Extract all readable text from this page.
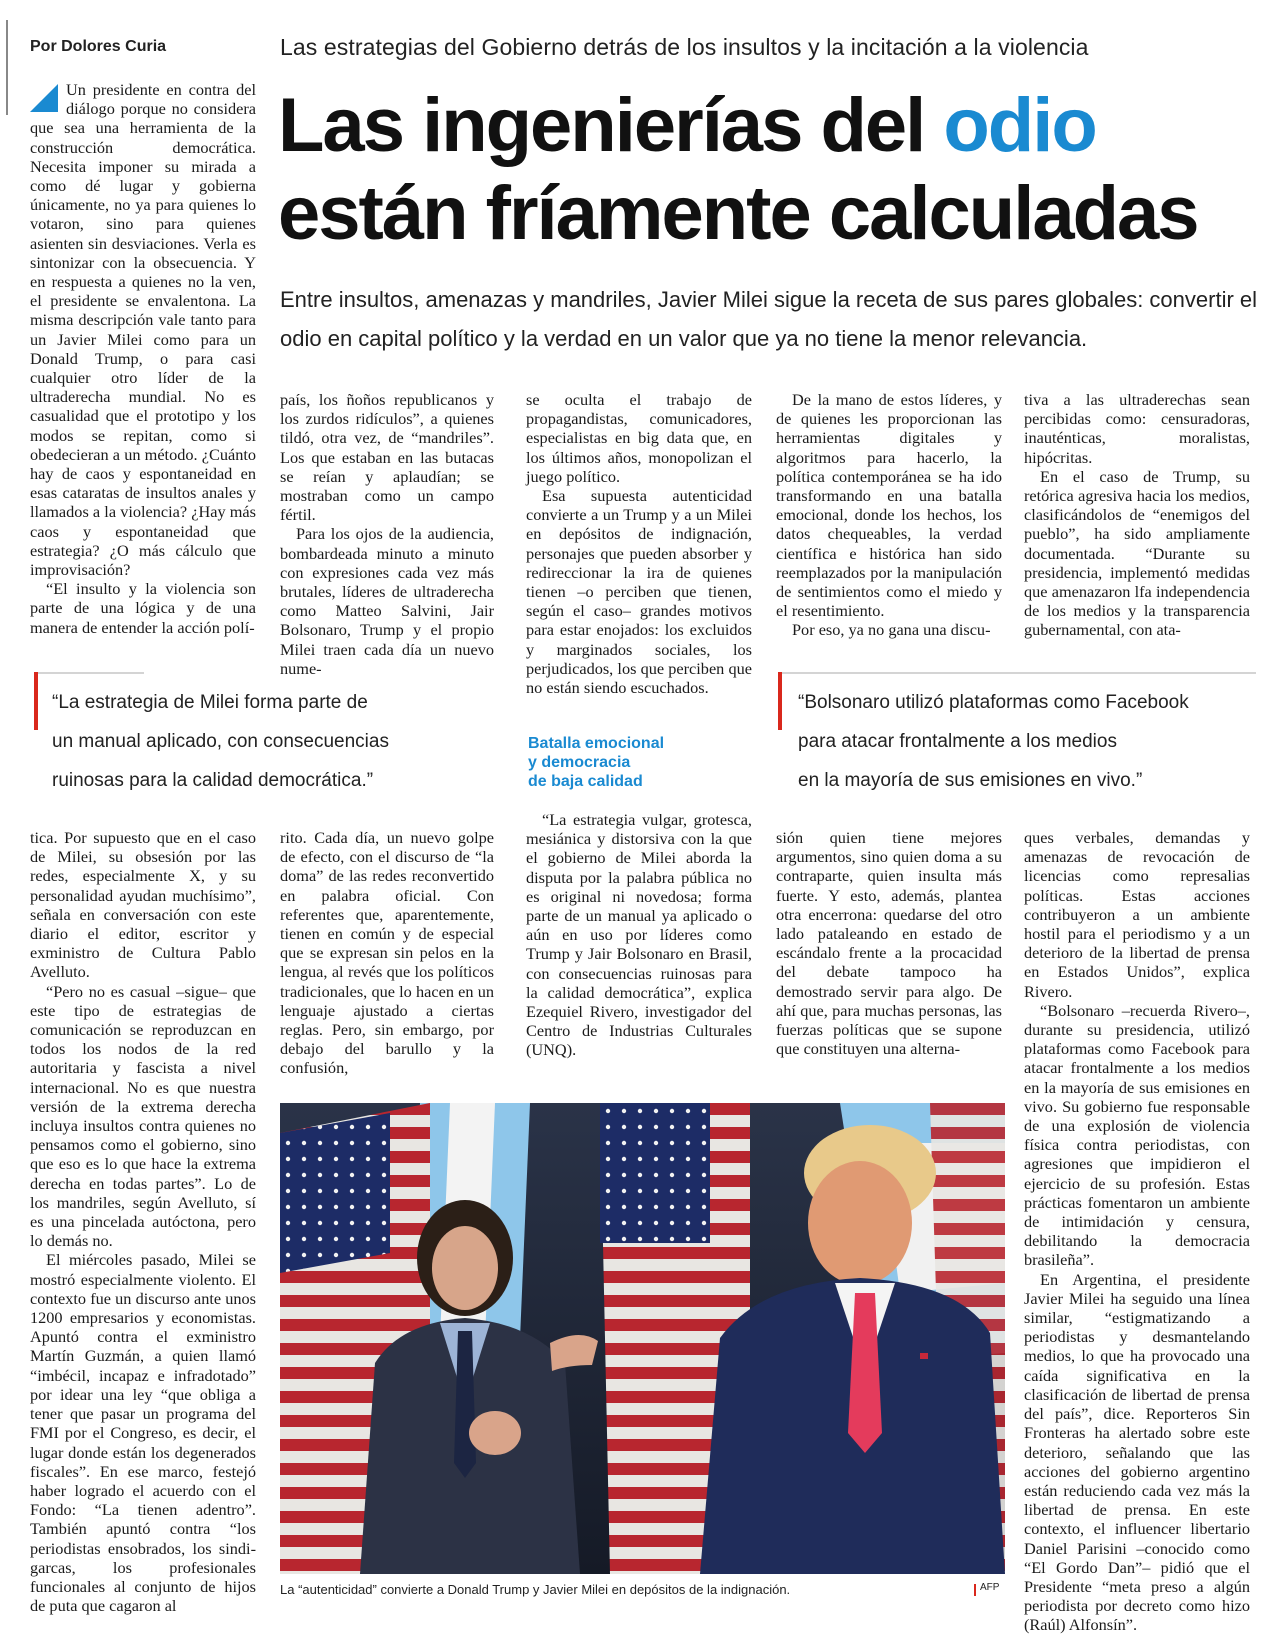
Por Dolores Curia	Las estrategias del Gobierno detrás de los insultos y la incitación a la violencia
Las ingenierías del odio
están fríamente calculadas
Entre insultos, amenazas y mandriles, Javier Milei sigue la receta de sus pares globales: convertir el odio en capital político y la verdad en un valor que ya no tiene la menor relevancia.

Un presidente en contra del diálogo porque no considera que sea una herramienta de la construcción democrática. Necesita imponer su mirada a como dé lugar y gobierna únicamente, no ya para quienes lo votaron, sino para quienes asienten sin desviaciones. Verla es sintonizar con la obsecuencia. Y en respuesta a quienes no la ven, el presidente se envalentona. La misma descripción vale tanto para un Javier Milei como para un Donald Trump, o para casi cualquier otro líder de la ultraderecha mundial. No es casualidad que el prototipo y los modos se repitan, como si obedecieran a un método. ¿Cuánto hay de caos y espontaneidad en esas cataratas de insultos anales y llamados a la violencia? ¿Hay más caos y espontaneidad que estrategia? ¿O más cálculo que improvisación?

“El insulto y la violencia son parte de una lógica y de una manera de entender la acción polí-

país, los ñoños republicanos y los zurdos ridículos”, a quienes tildó, otra vez, de “mandriles”. Los que estaban en las butacas se reían y aplaudían; se mostraban como un campo fértil.

Para los ojos de la audiencia, bombardeada minuto a minuto con expresiones cada vez más brutales, líderes de ultraderecha como Matteo Salvini, Jair Bolsonaro, Trump y el propio Milei traen cada día un nuevo nume-

se oculta el trabajo de propagandistas, comunicadores, especialistas en big data que, en los últimos años, monopolizan el juego político.

Esa supuesta autenticidad convierte a un Trump y a un Milei en depósitos de indignación, personajes que pueden absorber y redireccionar la ira de quienes tienen –o perciben que tienen, según el caso– grandes motivos para estar enojados: los excluidos y marginados sociales, los perjudicados, los que perciben que no están siendo escuchados.

De la mano de estos líderes, y de quienes les proporcionan las herramientas digitales y algoritmos para hacerlo, la política contemporánea se ha ido transformando en una batalla emocional, donde los hechos, los datos chequeables, la verdad científica e histórica han sido reemplazados por la manipulación de sentimientos como el miedo y el resentimiento.

Por eso, ya no gana una discu-

tiva a las ultraderechas sean percibidas como: censuradoras, inauténticas, moralistas, hipócritas.

En el caso de Trump, su retórica agresiva hacia los medios, clasificándolos de “enemigos del pueblo”, ha sido ampliamente documentada. “Durante su presidencia, implementó medidas que amenazaron lfa independencia de los medios y la transparencia gubernamental, con ata-

“La estrategia de Milei forma parte de
un manual aplicado, con consecuencias
ruinosas para la calidad democrática.”
Batalla emocional
y democracia
de baja calidad
“Bolsonaro utilizó plataformas como Facebook
para atacar frontalmente a los medios
en la mayoría de sus emisiones en vivo.”

tica. Por supuesto que en el caso de Milei, su obsesión por las redes, especialmente X, y su personalidad ayudan muchísimo”, señala en conversación con este diario el editor, escritor y exministro de Cultura Pablo Avelluto.

“Pero no es casual –sigue– que este tipo de estrategias de comunicación se reproduzcan en todos los nodos de la red autoritaria y fascista a nivel internacional. No es que nuestra versión de la extrema derecha incluya insultos contra quienes no pensamos como el gobierno, sino que eso es lo que hace la extrema derecha en todas partes”. Lo de los mandriles, según Avelluto, sí es una pincelada autóctona, pero lo demás no.

El miércoles pasado, Milei se mostró especialmente violento. El contexto fue un discurso ante unos 1200 empresarios y economistas. Apuntó contra el exministro Martín Guzmán, a quien llamó “imbécil, incapaz e infradotado” por idear una ley “que obliga a tener que pasar un programa del FMI por el Congreso, es decir, el lugar donde están los degenerados fiscales”. En ese marco, festejó haber logrado el acuerdo con el Fondo: “La tienen adentro”. También apuntó contra “los periodistas ensobrados, los sindi-garcas, los profesionales funcionales al conjunto de hijos de puta que cagaron al

rito. Cada día, un nuevo golpe de efecto, con el discurso de “la doma” de las redes reconvertido en palabra oficial. Con referentes que, aparentemente, tienen en común y de especial que se expresan sin pelos en la lengua, al revés que los políticos tradicionales, que lo hacen en un lenguaje ajustado a ciertas reglas. Pero, sin embargo, por debajo del barullo y la confusión,

“La estrategia vulgar, grotesca, mesiánica y distorsiva con la que el gobierno de Milei aborda la disputa por la palabra pública no es original ni novedosa; forma parte de un manual ya aplicado o aún en uso por líderes como Trump y Jair Bolsonaro en Brasil, con consecuencias ruinosas para la calidad democrática”, explica Ezequiel Rivero, investigador del Centro de Industrias Culturales (UNQ).

sión quien tiene mejores argumentos, sino quien doma a su contraparte, quien insulta más fuerte. Y esto, además, plantea otra encerrona: quedarse del otro lado pataleando en estado de escándalo frente a la procacidad del debate tampoco ha demostrado servir para algo. De ahí que, para muchas personas, las fuerzas políticas que se supone que constituyen una alterna-

ques verbales, demandas y amenazas de revocación de licencias como represalias políticas. Estas acciones contribuyeron a un ambiente hostil para el periodismo y a un deterioro de la libertad de prensa en Estados Unidos”, explica Rivero.

“Bolsonaro –recuerda Rivero–, durante su presidencia, utilizó plataformas como Facebook para atacar frontalmente a los medios en la mayoría de sus emisiones en vivo. Su gobierno fue responsable de una explosión de violencia física contra periodistas, con agresiones que impidieron el ejercicio de su profesión. Estas prácticas fomentaron un ambiente de intimidación y censura, debilitando la democracia brasileña”.

En Argentina, el presidente Javier Milei ha seguido una línea similar, “estigmatizando a periodistas y desmantelando medios, lo que ha provocado una caída significativa en la clasificación de libertad de prensa del país”, dice. Reporteros Sin Fronteras ha alertado sobre este deterioro, señalando que las acciones del gobierno argentino están reduciendo cada vez más la libertad de prensa. En este contexto, el influencer libertario Daniel Parisini –conocido como “El Gordo Dan”– pidió que el Presidente “meta preso a algún periodista por decreto como hizo (Raúl) Alfonsín”.

La “autenticidad” convierte a Donald Trump y Javier Milei en depósitos de la indignación.	AFP
